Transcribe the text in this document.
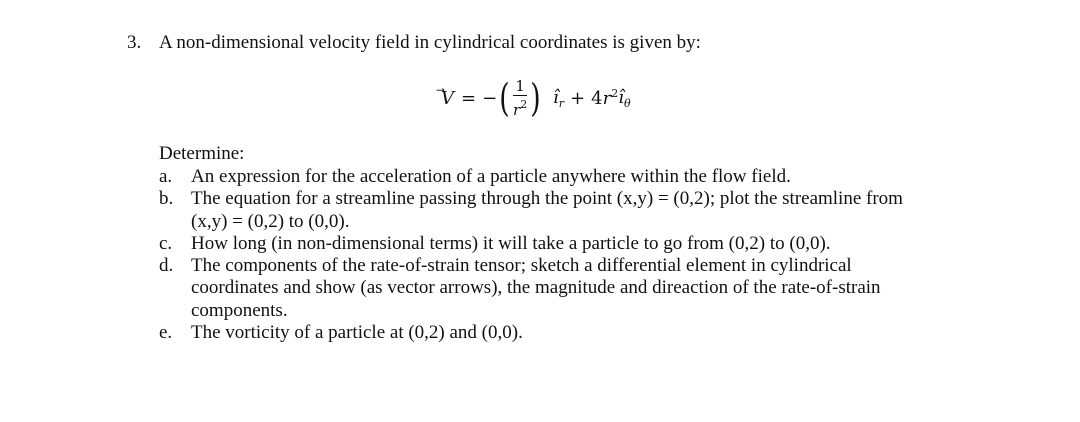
3. A non-dimensional velocity field in cylindrical coordinates is given by:
V = − ( $\frac{1}{r^2}$ ) $î_r + 4$ $r^2$ $î_\theta$
Determine:
a. An expression for the acceleration of a particle anywhere within the flow field.
b. The equation for a streamline passing through the point (x,y) = (0,2); plot the streamline from (x,y) = (0,2) to (0,0).
c. How long (in non-dimensional terms) it will take a particle to go from (0,2) to (0,0).
d. The components of the rate-of-strain tensor; sketch a differential element in cylindrical coordinates and show (as vector arrows), the magnitude and direaction of the rate-of-strain components.
e. The vorticity of a particle at (0,2) and (0,0).
